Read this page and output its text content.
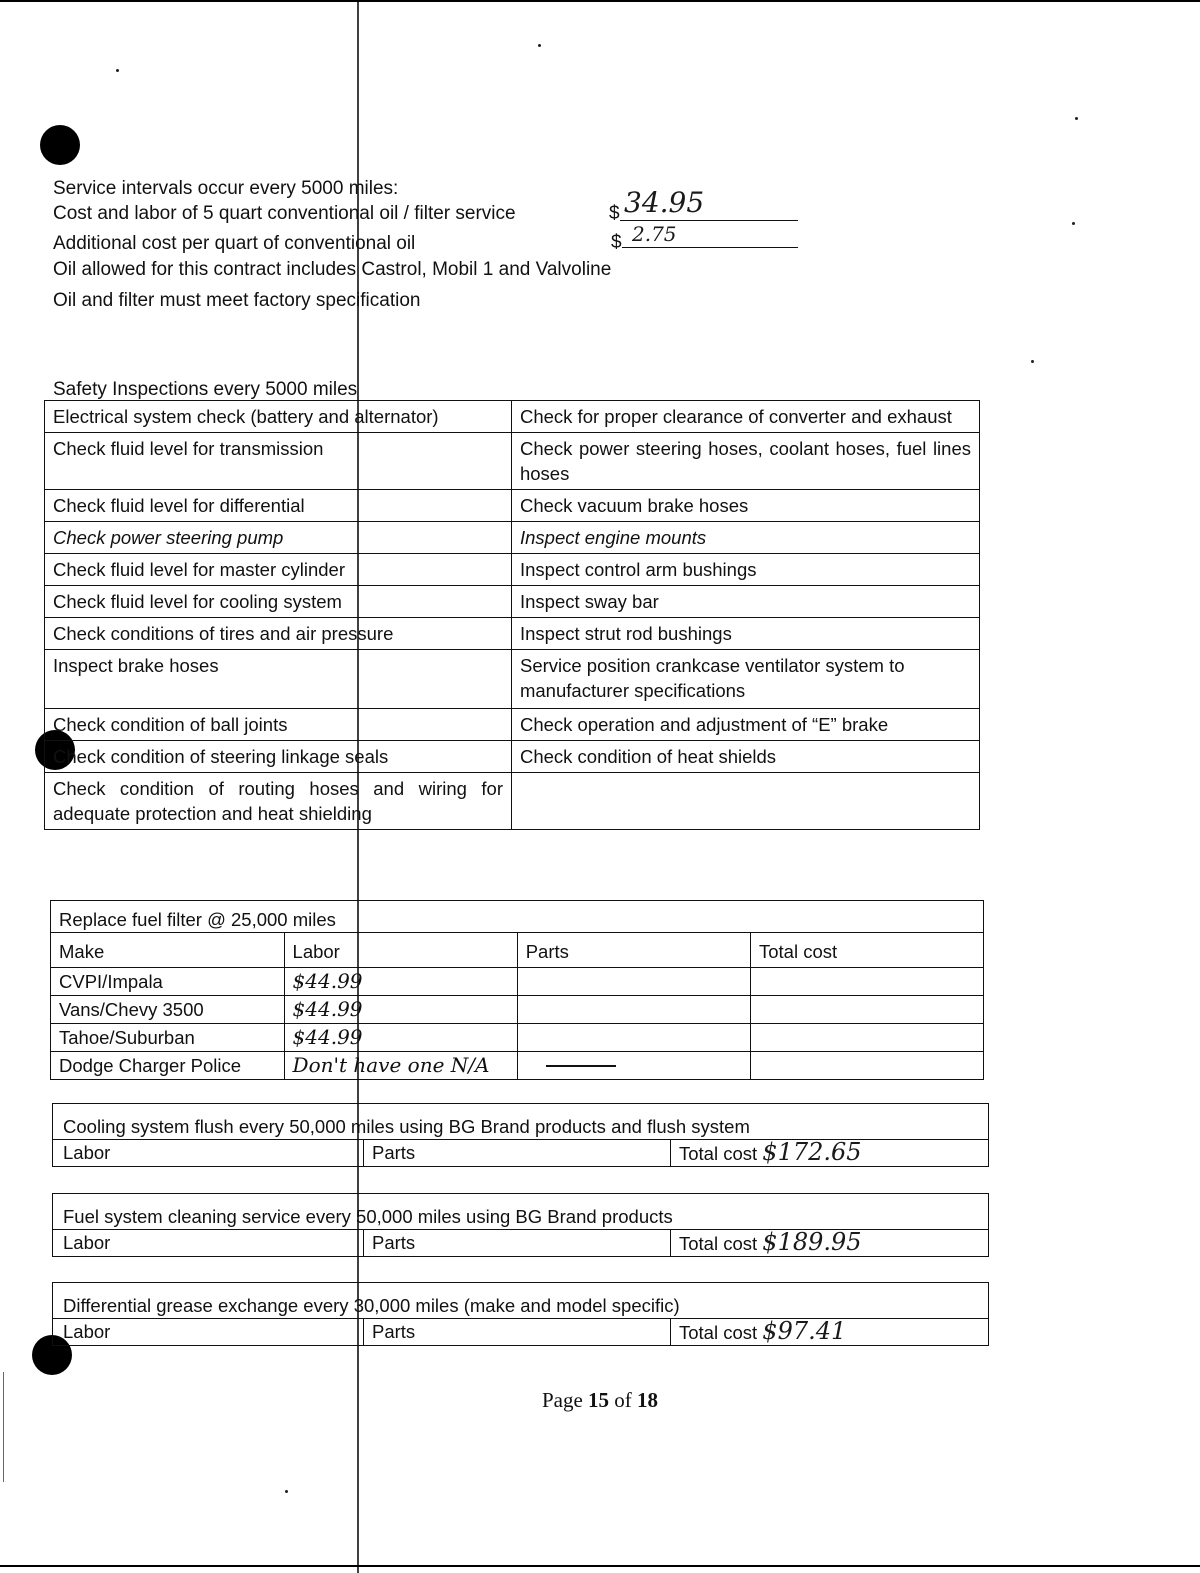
Service intervals occur every 5000 miles:
Cost and labor of 5 quart conventional oil / filter service
Additional cost per quart of conventional oil
Oil allowed for this contract includes Castrol, Mobil 1 and Valvoline
Oil and filter must meet factory specification
$ 34.95
$ 2.75
Safety Inspections every 5000 miles
Electrical system check (battery and alternator)	Check for proper clearance of converter and exhaust
Check fluid level for transmission	Check power steering hoses, coolant hoses, fuel lines hoses
Check fluid level for differential	Check vacuum brake hoses
Check power steering pump	Inspect engine mounts
Check fluid level for master cylinder	Inspect control arm bushings
Check fluid level for cooling system	Inspect sway bar
Check conditions of tires and air pressure	Inspect strut rod bushings
Inspect brake hoses	Service position crankcase ventilator system to manufacturer specifications
Check condition of ball joints	Check operation and adjustment of “E” brake
Check condition of steering linkage seals	Check condition of heat shields
Check condition of routing hoses and wiring for adequate protection and heat shielding	
Replace fuel filter @ 25,000 miles			
Make	Labor	Parts	Total cost
CVPI/Impala	$44.99		
Vans/Chevy 3500	$44.99		
Tahoe/Suburban	$44.99		
Dodge Charger Police	Don't have one N/A	

Cooling system flush every 50,000 miles using BG Brand products and flush system
Labor	Parts	Total cost $172.65
Fuel system cleaning service every 50,000 miles using BG Brand products
Labor	Parts	Total cost $189.95
Differential grease exchange every 30,000 miles (make and model specific)
Labor	Parts	Total cost $97.41
Page 15 of 18
